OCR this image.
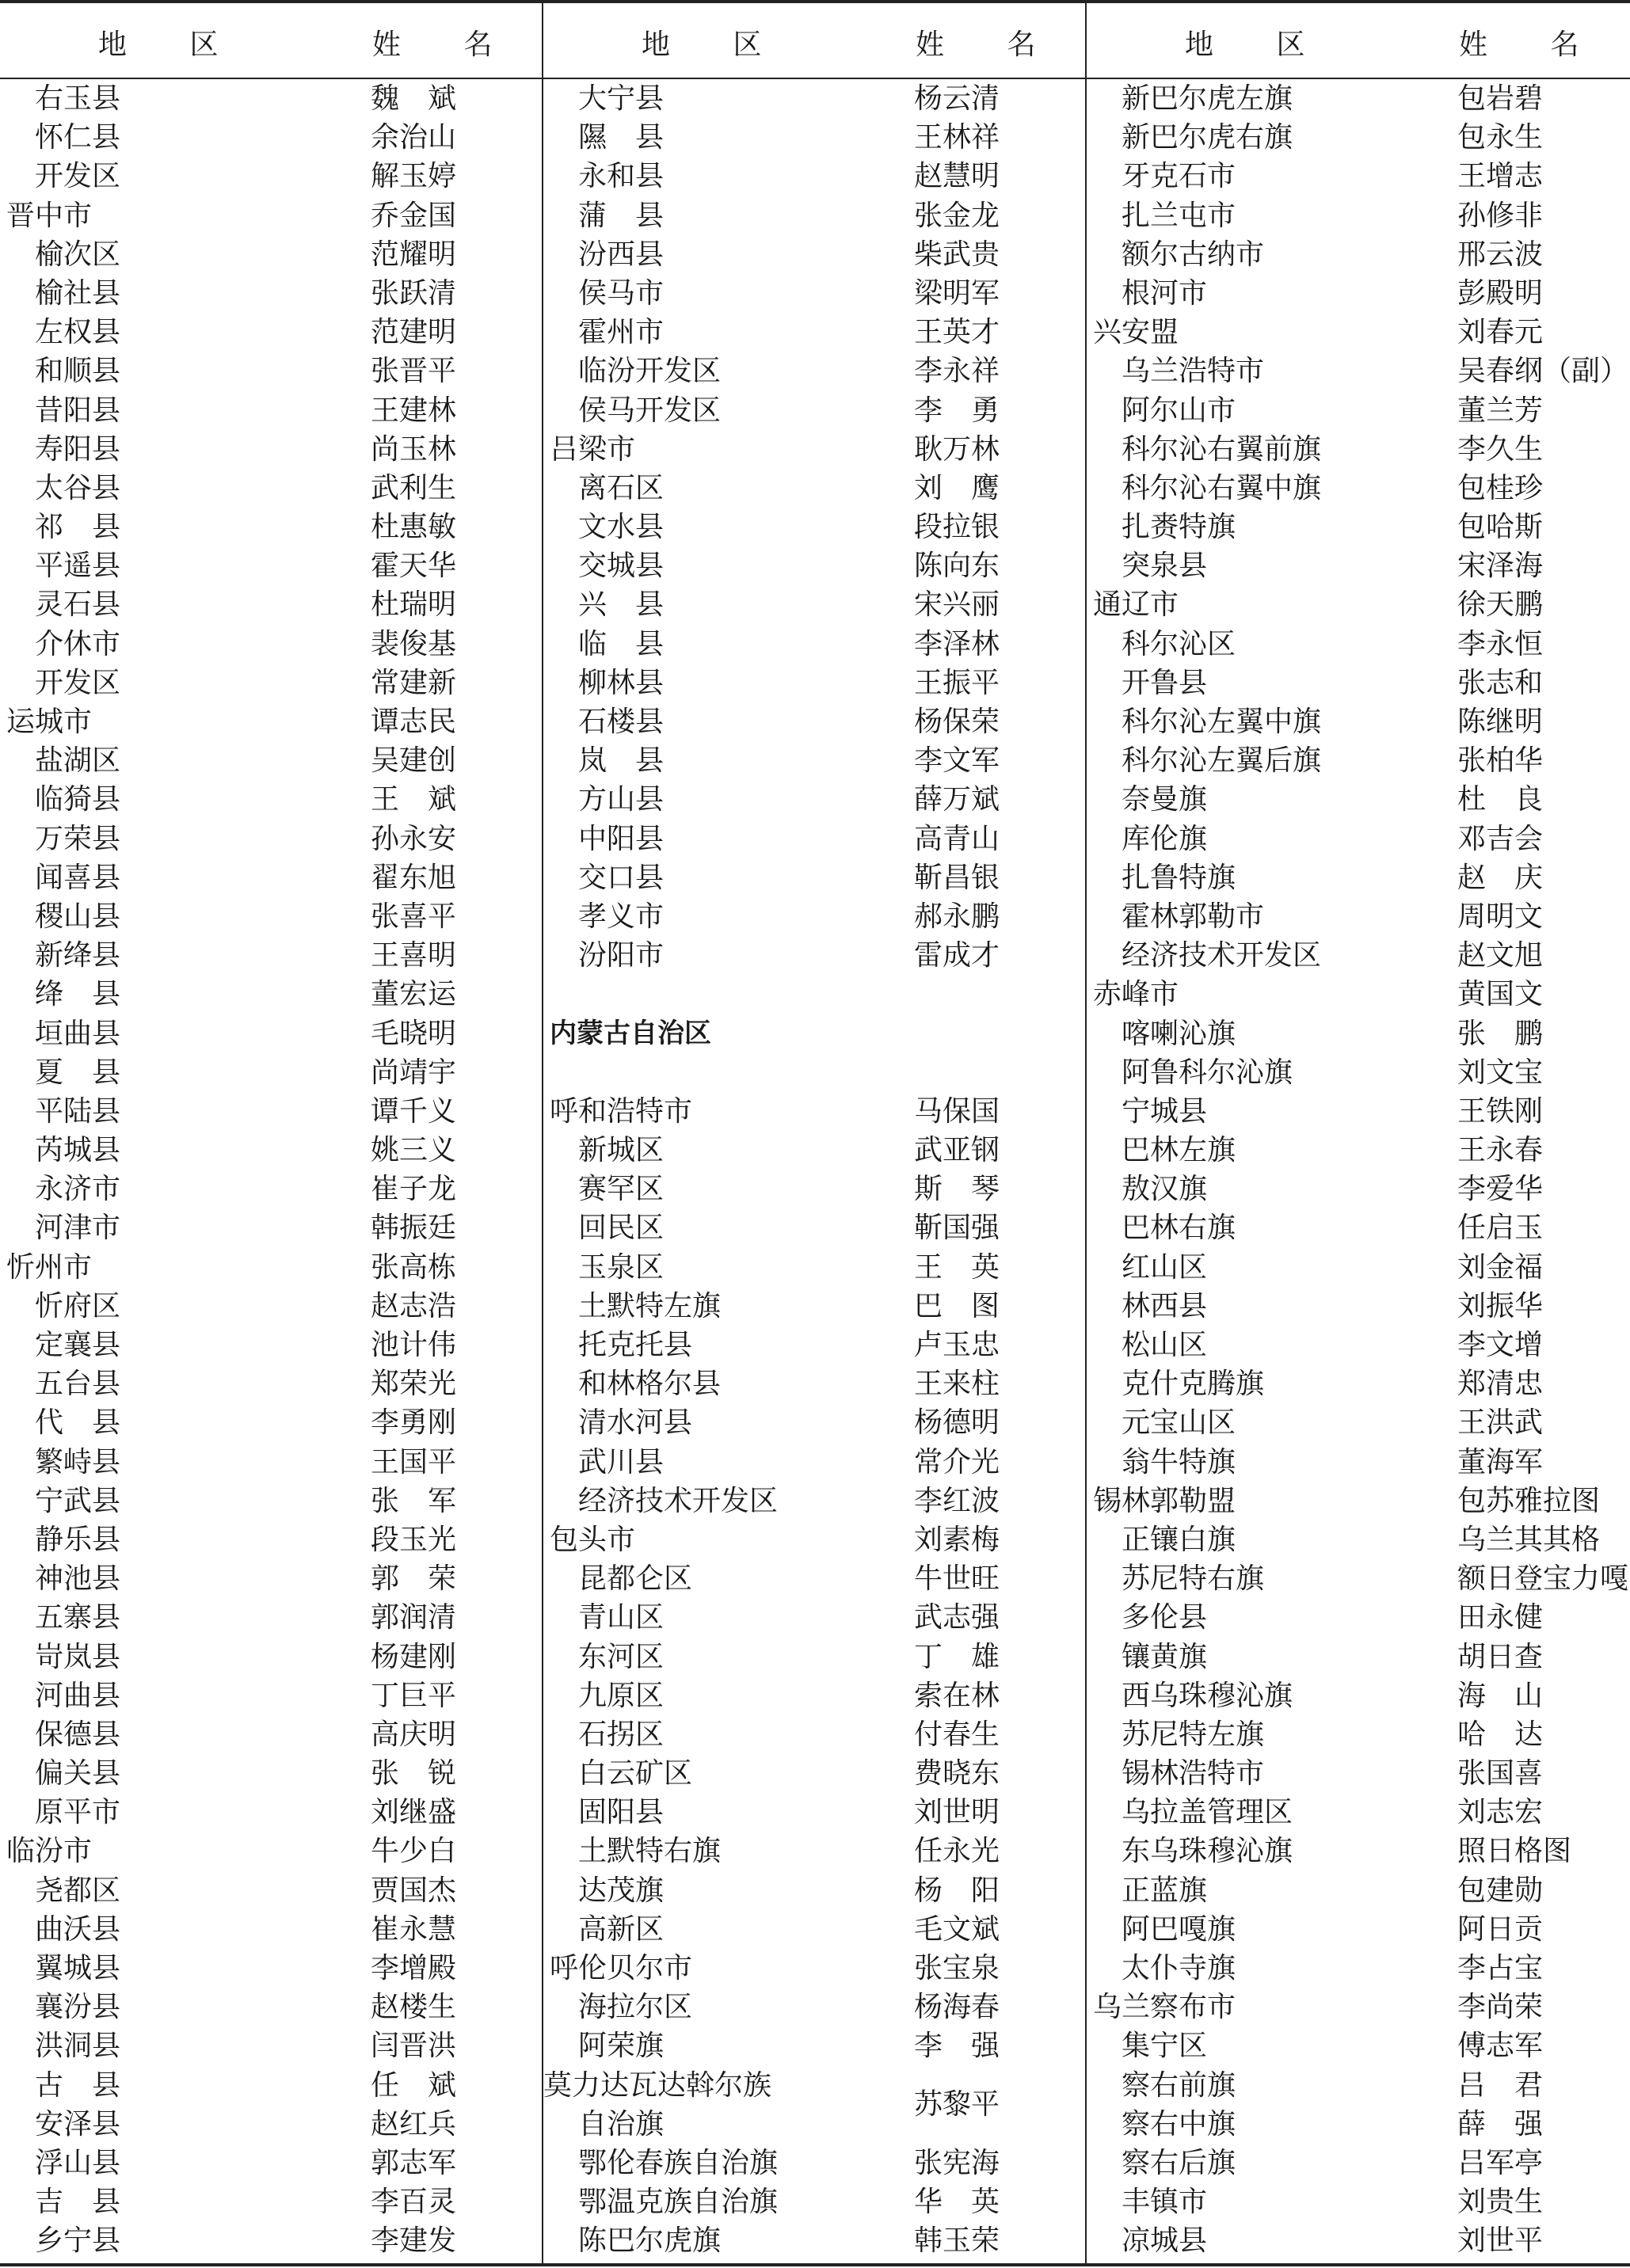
地 区	姓 名	地 区	姓 名	地 区	姓 名
右玉县	魏　斌
怀仁县	余治山
开发区	解玉婷
晋中市	乔金国
榆次区	范耀明
榆社县	张跃清
左权县	范建明
和顺县	张晋平
昔阳县	王建林
寿阳县	尚玉林
太谷县	武利生
祁　县	杜惠敏
平遥县	霍天华
灵石县	杜瑞明
介休市	裴俊基
开发区	常建新
运城市	谭志民
盐湖区	吴建创
临猗县	王　斌
万荣县	孙永安
闻喜县	翟东旭
稷山县	张喜平
新绛县	王喜明
绛　县	董宏运
垣曲县	毛晓明
夏　县	尚靖宇
平陆县	谭千义
芮城县	姚三义
永济市	崔子龙
河津市	韩振廷
忻州市	张高栋
忻府区	赵志浩
定襄县	池计伟
五台县	郑荣光
代　县	李勇刚
繁峙县	王国平
宁武县	张　军
静乐县	段玉光
神池县	郭　荣
五寨县	郭润清
岢岚县	杨建刚
河曲县	丁巨平
保德县	高庆明
偏关县	张　锐
原平市	刘继盛
临汾市	牛少白
尧都区	贾国杰
曲沃县	崔永慧
翼城县	李增殿
襄汾县	赵楼生
洪洞县	闫晋洪
古　县	任　斌
安泽县	赵红兵
浮山县	郭志军
吉　县	李百灵
乡宁县	李建发
大宁县	杨云清
隰　县	王林祥
永和县	赵慧明
蒲　县	张金龙
汾西县	柴武贵
侯马市	梁明军
霍州市	王英才
临汾开发区	李永祥
侯马开发区	李　勇
吕梁市	耿万林
离石区	刘　鹰
文水县	段拉银
交城县	陈向东
兴　县	宋兴丽
临　县	李泽林
柳林县	王振平
石楼县	杨保荣
岚　县	李文军
方山县	薛万斌
中阳县	高青山
交口县	靳昌银
孝义市	郝永鹏
汾阳市	雷成才
内蒙古自治区
呼和浩特市	马保国
新城区	武亚钢
赛罕区	斯　琴
回民区	靳国强
玉泉区	王　英
土默特左旗	巴　图
托克托县	卢玉忠
和林格尔县	王来柱
清水河县	杨德明
武川县	常介光
经济技术开发区	李红波
包头市	刘素梅
昆都仑区	牛世旺
青山区	武志强
东河区	丁　雄
九原区	索在林
石拐区	付春生
白云矿区	费晓东
固阳县	刘世明
土默特右旗	任永光
达茂旗	杨　阳
高新区	毛文斌
呼伦贝尔市	张宝泉
海拉尔区	杨海春
阿荣旗	李　强
莫力达瓦达斡尔族
自治旗
苏黎平
鄂伦春族自治旗	张宪海
鄂温克族自治旗	华　英
陈巴尔虎旗	韩玉荣
新巴尔虎左旗	包岩碧
新巴尔虎右旗	包永生
牙克石市	王增志
扎兰屯市	孙修非
额尔古纳市	邢云波
根河市	彭殿明
兴安盟	刘春元
乌兰浩特市	吴春纲（副）
阿尔山市	董兰芳
科尔沁右翼前旗	李久生
科尔沁右翼中旗	包桂珍
扎赉特旗	包哈斯
突泉县	宋泽海
通辽市	徐天鹏
科尔沁区	李永恒
开鲁县	张志和
科尔沁左翼中旗	陈继明
科尔沁左翼后旗	张柏华
奈曼旗	杜　良
库伦旗	邓吉会
扎鲁特旗	赵　庆
霍林郭勒市	周明文
经济技术开发区	赵文旭
赤峰市	黄国文
喀喇沁旗	张　鹏
阿鲁科尔沁旗	刘文宝
宁城县	王铁刚
巴林左旗	王永春
敖汉旗	李爱华
巴林右旗	任启玉
红山区	刘金福
林西县	刘振华
松山区	李文增
克什克腾旗	郑清忠
元宝山区	王洪武
翁牛特旗	董海军
锡林郭勒盟	包苏雅拉图
正镶白旗	乌兰其其格
苏尼特右旗	额日登宝力嘎
多伦县	田永健
镶黄旗	胡日查
西乌珠穆沁旗	海　山
苏尼特左旗	哈　达
锡林浩特市	张国喜
乌拉盖管理区	刘志宏
东乌珠穆沁旗	照日格图
正蓝旗	包建勋
阿巴嘎旗	阿日贡
太仆寺旗	李占宝
乌兰察布市	李尚荣
集宁区	傅志军
察右前旗	吕　君
察右中旗	薛　强
察右后旗	吕军亭
丰镇市	刘贵生
凉城县	刘世平
